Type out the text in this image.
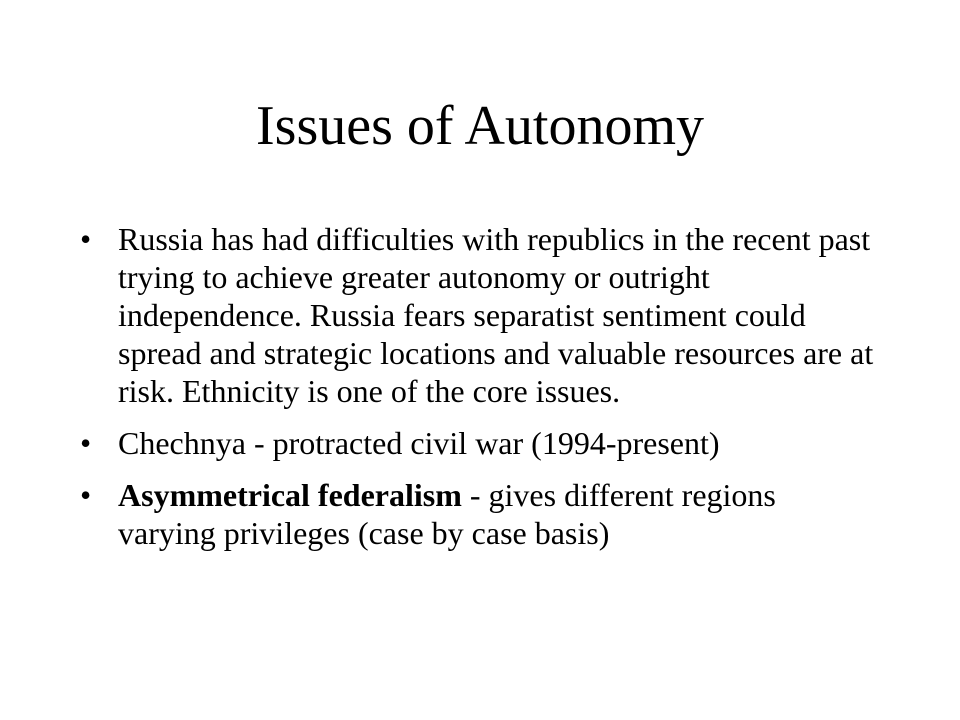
Issues of Autonomy
• Russia has had difficulties with republics in the recent past trying to achieve greater autonomy or outright independence. Russia fears separatist sentiment could spread and strategic locations and valuable resources are at risk. Ethnicity is one of the core issues.
• Chechnya - protracted civil war (1994-present)
• Asymmetrical federalism - gives different regions varying privileges (case by case basis)
